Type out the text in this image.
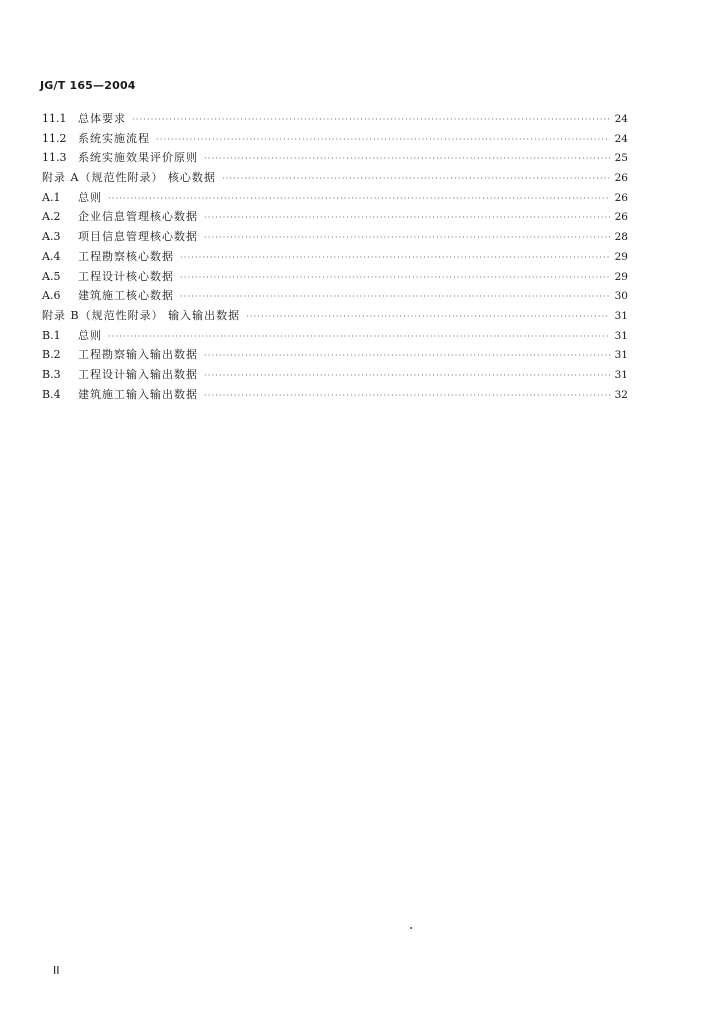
JG/T 165—2004
11.1	总体要求 ·····	24
11.2	系统实施流程 ·····	24
11.3	系统实施效果评价原则 ·····	25
附录 A（规范性附录） 核心数据 ·····	26
A.1	总则 ·····	26
A.2	企业信息管理核心数据 ·····	26
A.3	项目信息管理核心数据 ·····	28
A.4	工程勘察核心数据 ·····	29
A.5	工程设计核心数据 ·····	29
A.6	建筑施工核心数据 ·····	30
附录 B（规范性附录） 输入输出数据 ·····	31
B.1	总则 ·····	31
B.2	工程勘察输入输出数据 ·····	31
B.3	工程设计输入输出数据 ·····	31
B.4	建筑施工输入输出数据 ·····	32
II
